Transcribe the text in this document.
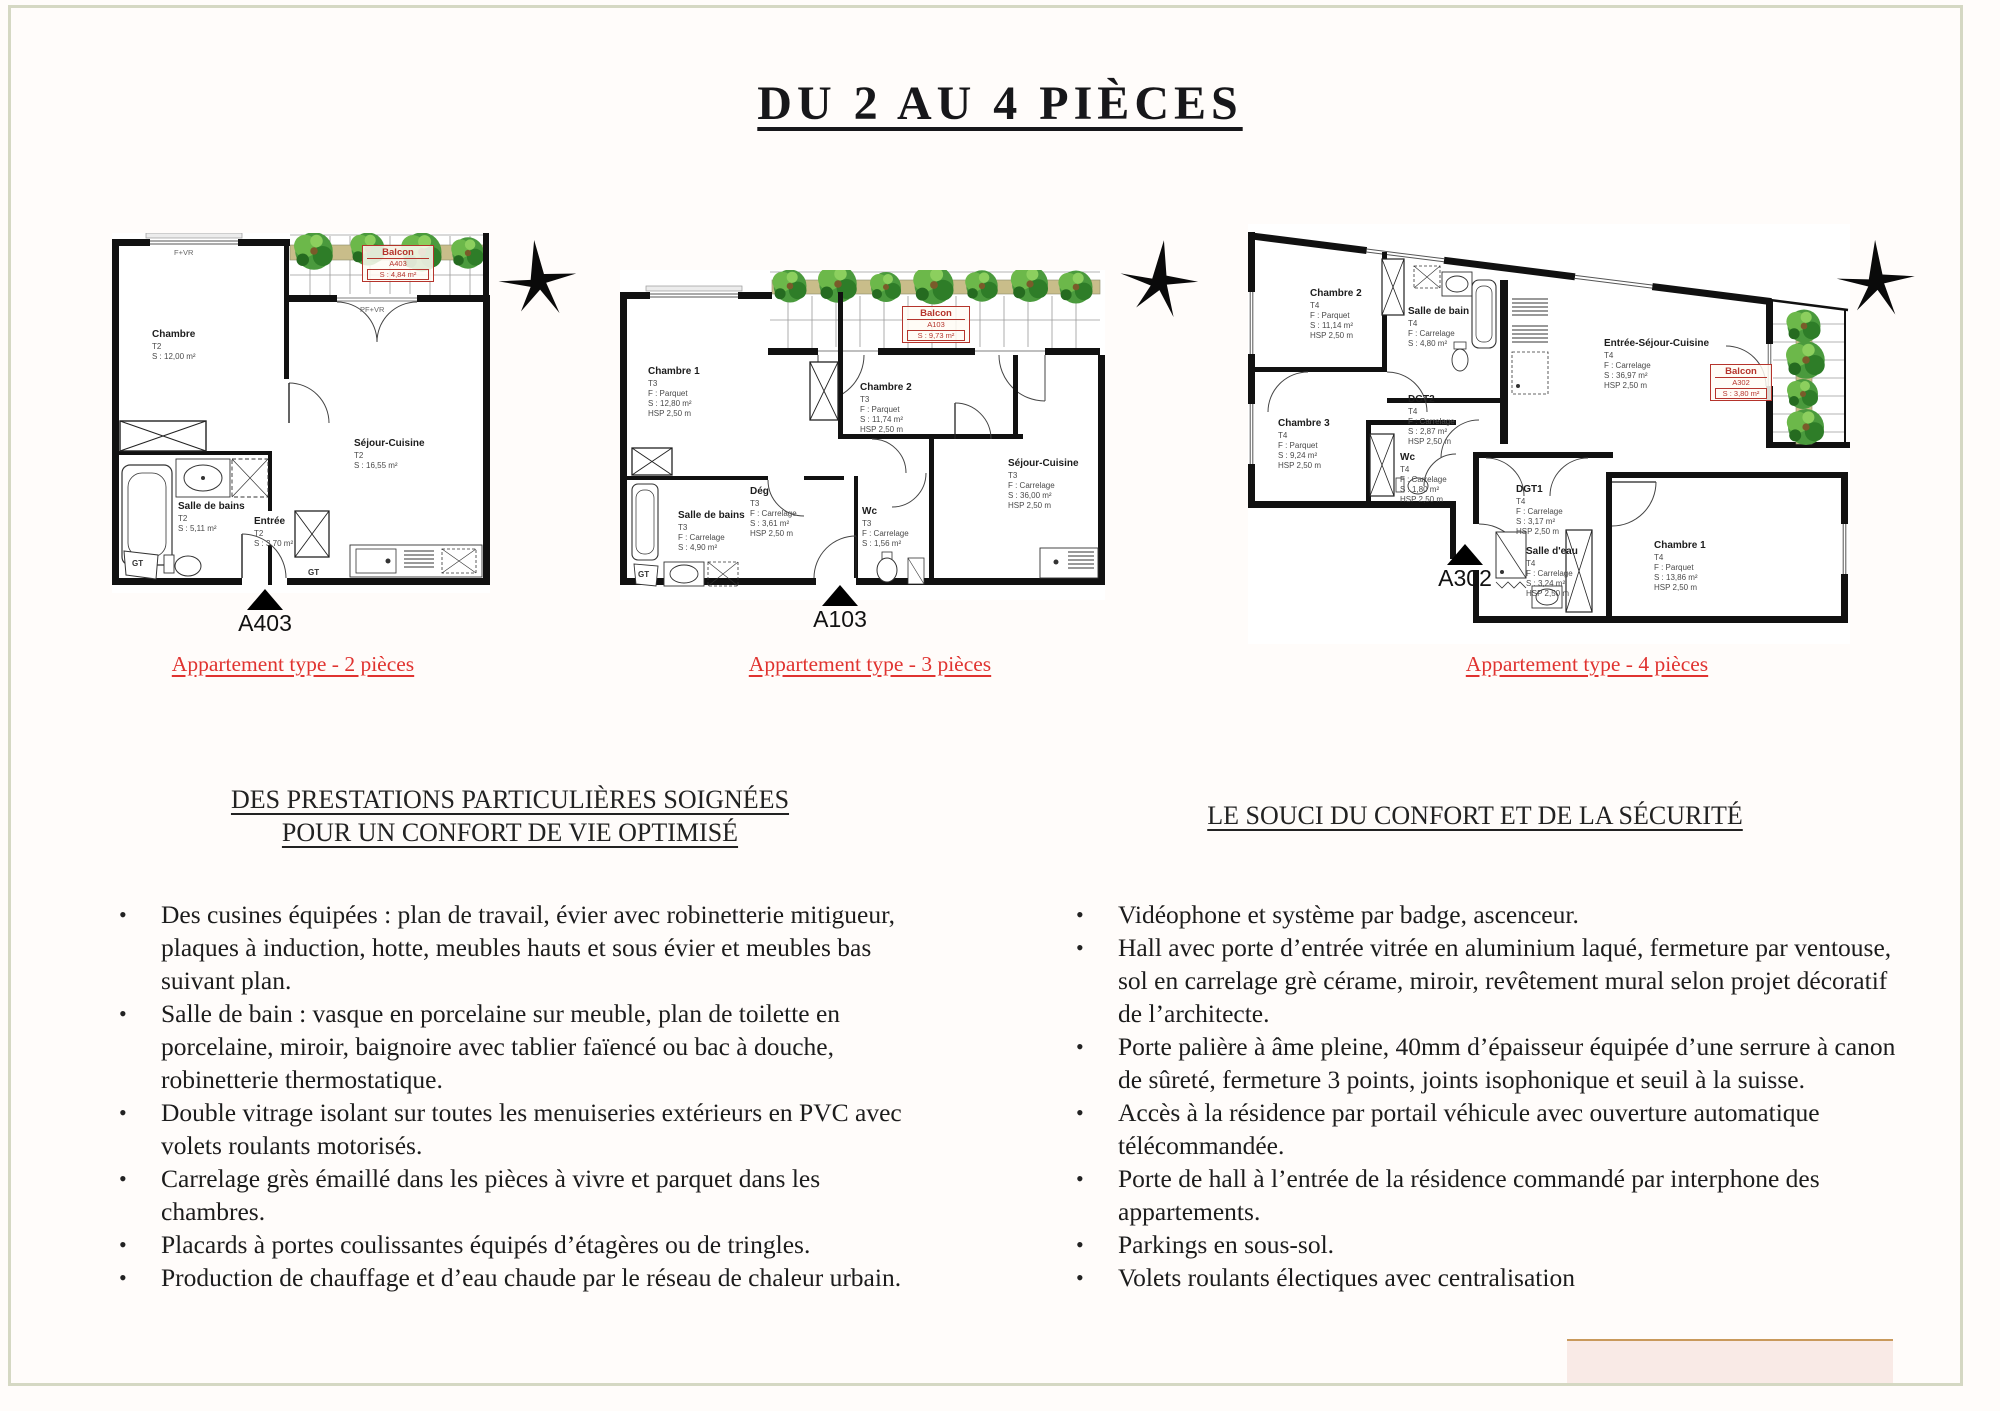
DU 2 AU 4 PIÈCES
Chambre
T2
S : 12,00 m²
Séjour-Cuisine
T2
S : 16,55 m²
Salle de bains
T2
S : 5,11 m²
Entrée
T2
S : 3,70 m²
GT
GT
F+VR
PF+VR
Balcon
A403
S : 4,84 m²
Chambre 1
T3
F : Parquet
S : 12,80 m²
HSP 2,50 m
Chambre 2
T3
F : Parquet
S : 11,74 m²
HSP 2,50 m
Séjour-Cuisine
T3
F : Carrelage
S : 36,00 m²
HSP 2,50 m
Dég
T3
F : Carrelage
S : 3,61 m²
HSP 2,50 m
Salle de bains
T3
F : Carrelage
S : 4,90 m²
Wc
T3
F : Carrelage
S : 1,56 m²
GT
Balcon
A103
S : 9,73 m²
Chambre 2
T4
F : Parquet
S : 11,14 m²
HSP 2,50 m
Salle de bain
T4
F : Carrelage
S : 4,80 m²	Entrée-Séjour-Cuisine
T4
F : Carrelage
S : 36,97 m²
HSP 2,50 m
Chambre 3
T4
F : Parquet
S : 9,24 m²
HSP 2,50 m
DGT2
T4
F : Carrelage
S : 2,87 m²
HSP 2,50 m
Wc
T4
F : Carrelage
S : 1,80 m²
HSP 2,50 m
DGT1
T4
F : Carrelage
S : 3,17 m²
HSP 2,50 m
Salle d'eau
T4
F : Carrelage
S : 3,24 m²
HSP 2,50 m
Chambre 1
T4
F : Parquet
S : 13,86 m²
HSP 2,50 m
Balcon
A302
S : 3,80 m²
A403	A103
A302
Appartement type - 2 pièces	Appartement type - 3 pièces	Appartement type - 4 pièces
DES PRESTATIONS PARTICULIÈRES SOIGNÉES
POUR UN CONFORT DE VIE OPTIMISÉ
• Des cusines équipées : plan de travail, évier avec robinetterie mitigueur, plaques à induction, hotte, meubles hauts et sous évier et meubles bas suivant plan.
• Salle de bain : vasque en porcelaine sur meuble, plan de toilette en porcelaine, miroir, baignoire avec tablier faïencé ou bac à douche, robinetterie thermostatique.
• Double vitrage isolant sur toutes les menuiseries extérieurs en PVC avec volets roulants motorisés.
• Carrelage grès émaillé dans les pièces à vivre et parquet dans les chambres.
• Placards à portes coulissantes équipés d’étagères ou de tringles.
• Production de chauffage et d’eau chaude par le réseau de chaleur urbain.
LE SOUCI DU CONFORT ET DE LA SÉCURITÉ
• Vidéophone et système par badge, ascenceur.
• Hall avec porte d’entrée vitrée en aluminium laqué, fermeture par ventouse, sol en carrelage grè cérame, miroir, revêtement mural selon projet décoratif de l’architecte.
• Porte palière à âme pleine, 40mm d’épaisseur équipée d’une serrure à canon de sûreté, fermeture 3 points, joints isophonique et seuil à la suisse.
• Accès à la résidence par portail véhicule avec ouverture automatique télécommandée.
• Porte de hall à l’entrée de la résidence commandé par interphone des appartements.
• Parkings en sous-sol.
• Volets roulants électiques avec centralisation
